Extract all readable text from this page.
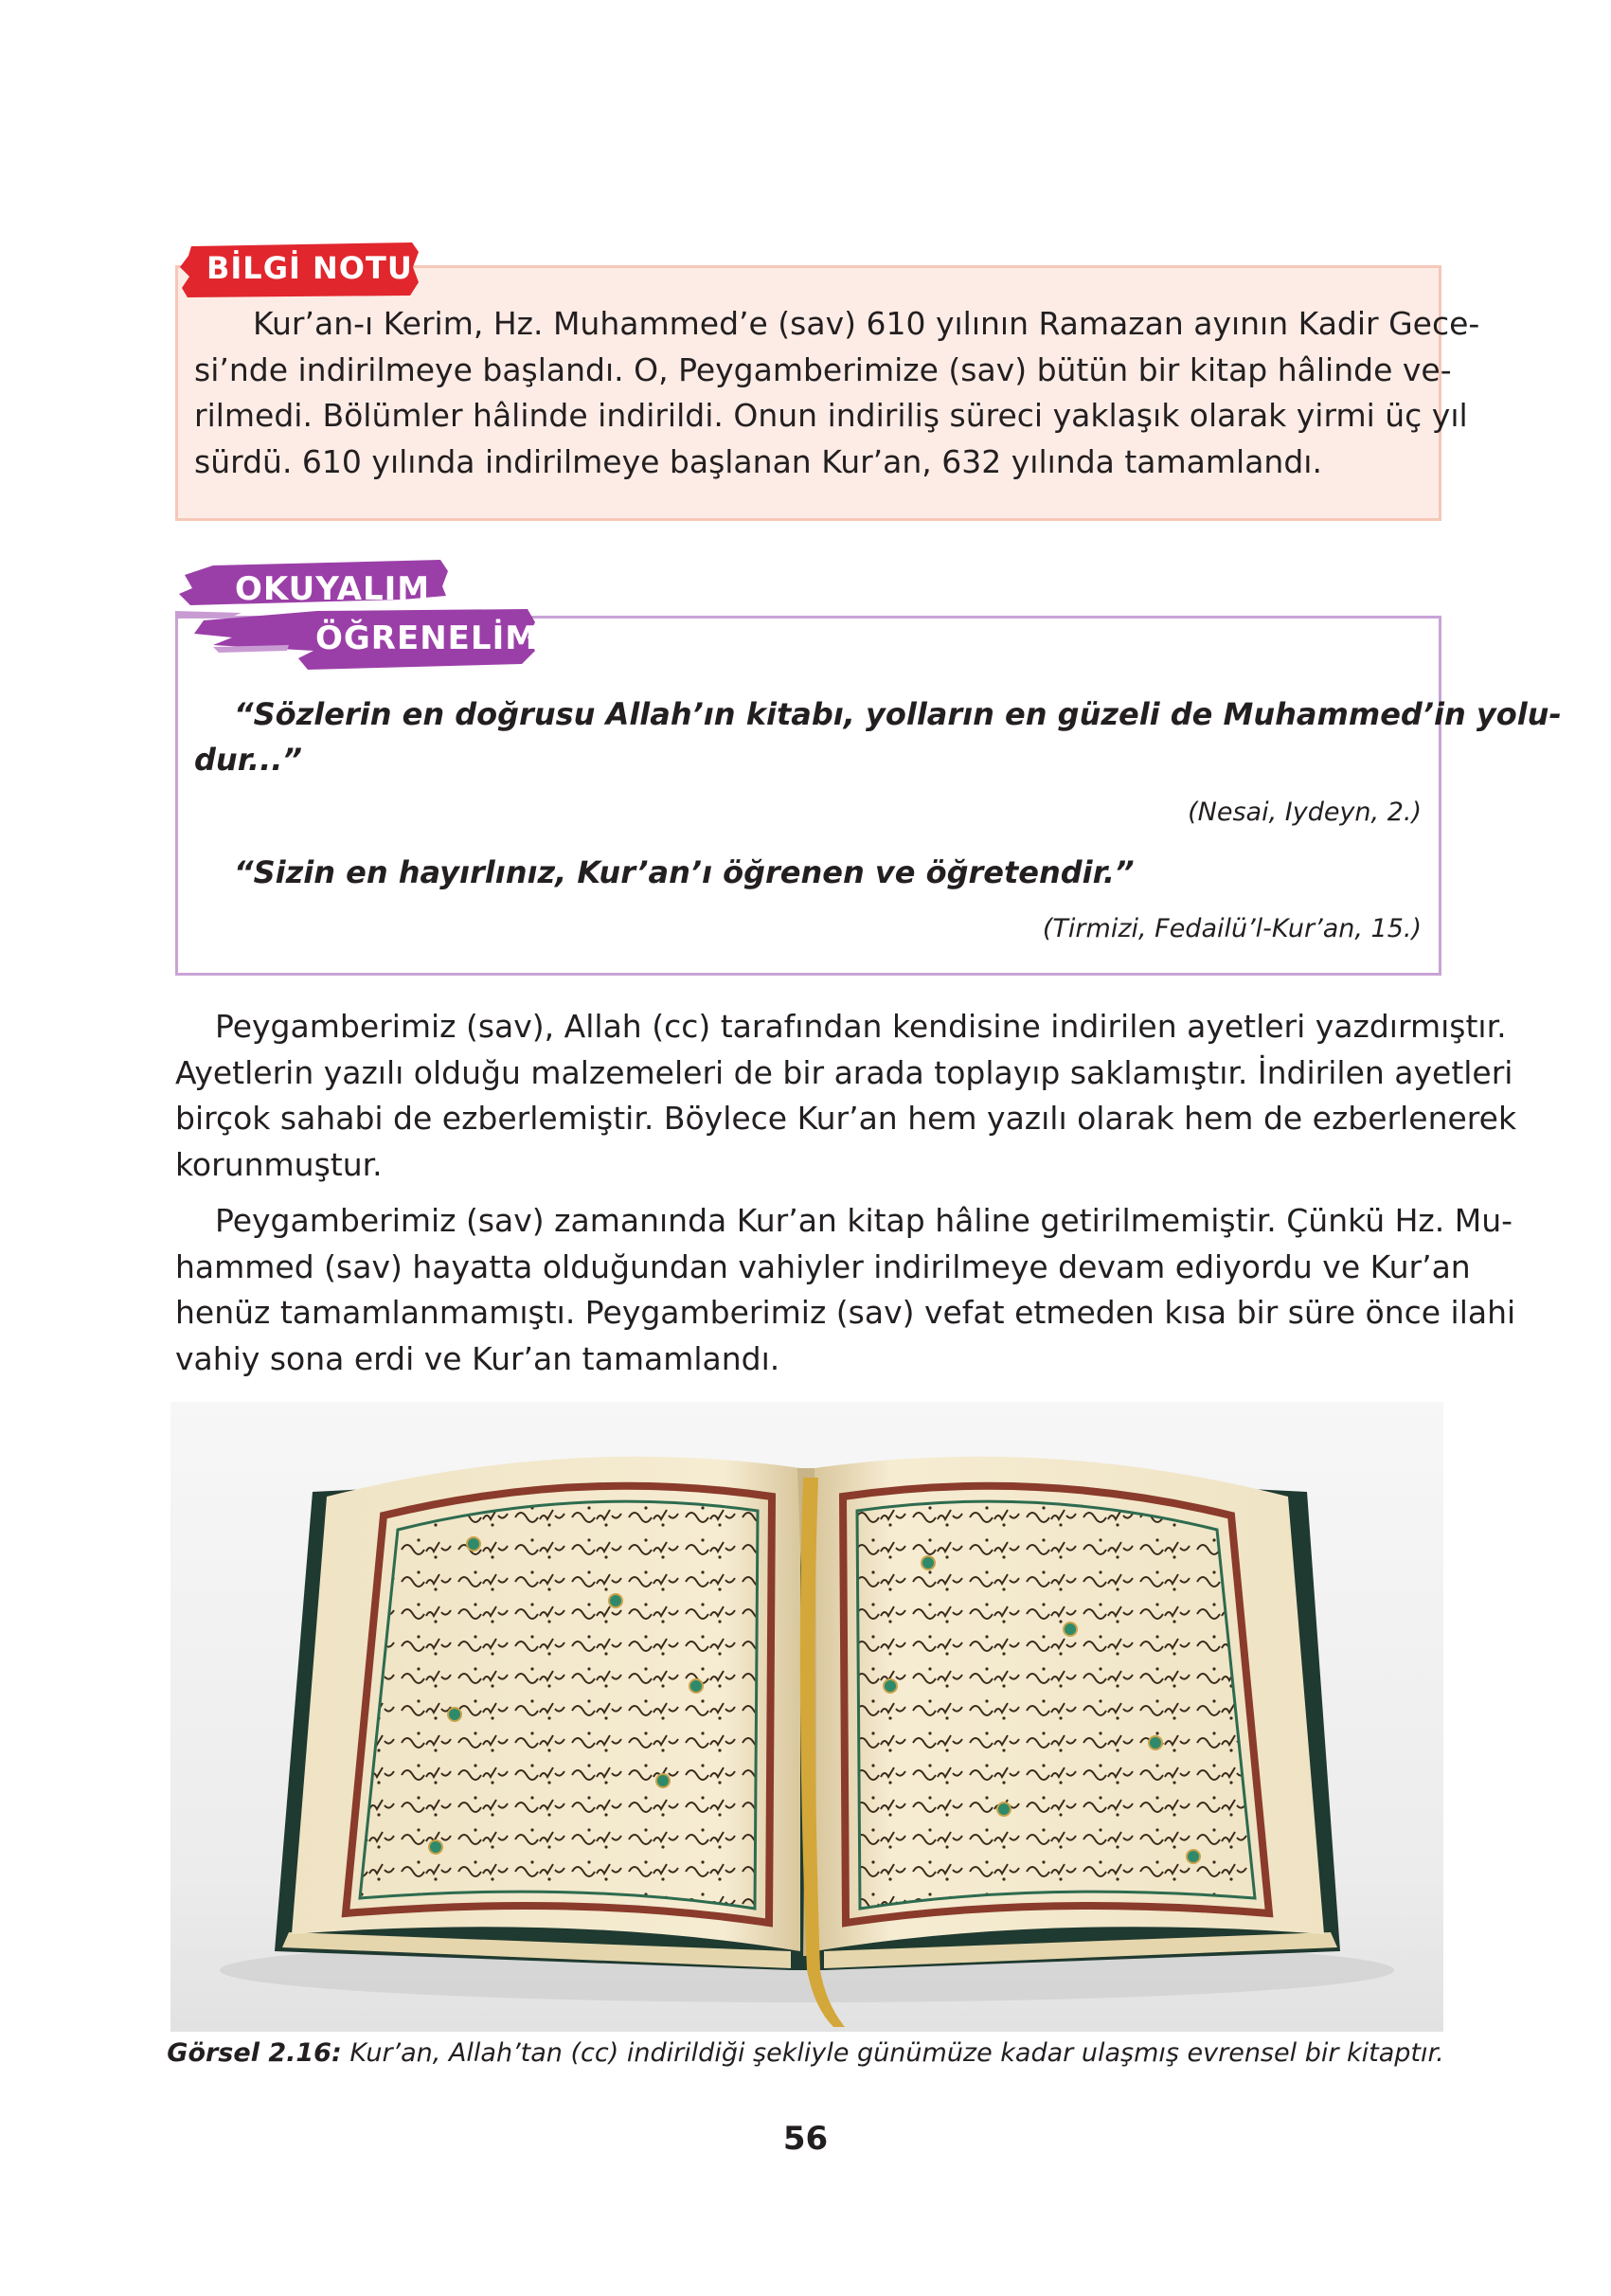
BİLGİ NOTU
Kur’an-ı Kerim, Hz. Muhammed’e (sav) 610 yılının Ramazan ayının Kadir Gece-
si’nde indirilmeye başlandı. O, Peygamberimize (sav) bütün bir kitap hâlinde ve-
rilmedi. Bölümler hâlinde indirildi. Onun indiriliş süreci yaklaşık olarak yirmi üç yıl
sürdü. 610 yılında indirilmeye başlanan Kur’an, 632 yılında tamamlandı.
OKUYALIM
ÖĞRENELİM
“Sözlerin en doğrusu Allah’ın kitabı, yolların en güzeli de Muhammed’in yolu-
dur...”
(Nesai, Iydeyn, 2.)
“Sizin en hayırlınız, Kur’an’ı öğrenen ve öğretendir.”
(Tirmizi, Fedailü’l-Kur’an, 15.)
Peygamberimiz (sav), Allah (cc) tarafından kendisine indirilen ayetleri yazdırmıştır.
Ayetlerin yazılı olduğu malzemeleri de bir arada toplayıp saklamıştır. İndirilen ayetleri
birçok sahabi de ezberlemiştir. Böylece Kur’an hem yazılı olarak hem de ezberlenerek
korunmuştur.
Peygamberimiz (sav) zamanında Kur’an kitap hâline getirilmemiştir. Çünkü Hz. Mu-
hammed (sav) hayatta olduğundan vahiyler indirilmeye devam ediyordu ve Kur’an
henüz tamamlanmamıştı. Peygamberimiz (sav) vefat etmeden kısa bir süre önce ilahi
vahiy sona erdi ve Kur’an tamamlandı.
Görsel 2.16: Kur’an, Allah’tan (cc) indirildiği şekliyle günümüze kadar ulaşmış evrensel bir kitaptır.
56
